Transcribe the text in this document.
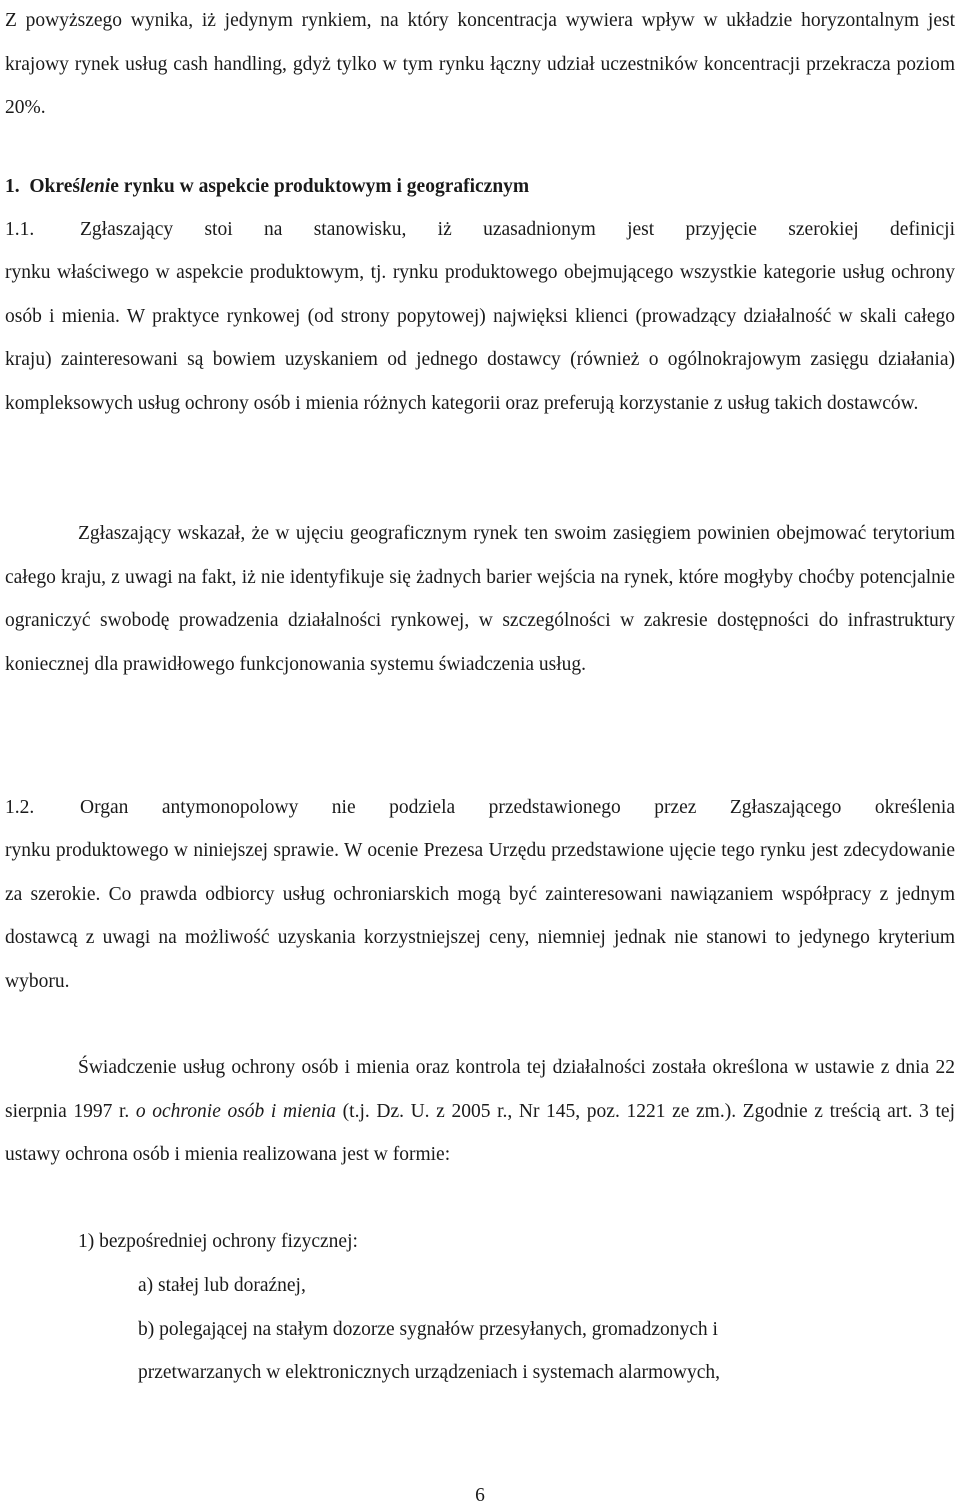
Z powyższego wynika, iż jedynym rynkiem, na który koncentracja wywiera wpływ w układzie horyzontalnym jest krajowy rynek usług cash handling, gdyż tylko w tym rynku łączny udział uczestników koncentracji przekracza poziom 20%.

1. Określenie rynku w aspekcie produktowym i geograficznym
1.1.	Zgłaszający stoi na stanowisku, iż uzasadnionym jest przyjęcie szerokiej definicji

rynku właściwego w aspekcie produktowym, tj. rynku produktowego obejmującego wszystkie kategorie usług ochrony osób i mienia. W praktyce rynkowej (od strony popytowej) najwięksi klienci (prowadzący działalność w skali całego kraju) zainteresowani są bowiem uzyskaniem od jednego dostawcy (również o ogólnokrajowym zasięgu działania) kompleksowych usług ochrony osób i mienia różnych kategorii oraz preferują korzystanie z usług takich dostawców.

Zgłaszający wskazał, że w ujęciu geograficznym rynek ten swoim zasięgiem powinien obejmować terytorium całego kraju, z uwagi na fakt, iż nie identyfikuje się żadnych barier wejścia na rynek, które mogłyby choćby potencjalnie ograniczyć swobodę prowadzenia działalności rynkowej, w szczególności w zakresie dostępności do infrastruktury koniecznej dla prawidłowego funkcjonowania systemu świadczenia usług.

1.2.	Organ antymonopolowy nie podziela przedstawionego przez Zgłaszającego określenia

rynku produktowego w niniejszej sprawie. W ocenie Prezesa Urzędu przedstawione ujęcie tego rynku jest zdecydowanie za szerokie. Co prawda odbiorcy usług ochroniarskich mogą być zainteresowani nawiązaniem współpracy z jednym dostawcą z uwagi na możliwość uzyskania korzystniejszej ceny, niemniej jednak nie stanowi to jedynego kryterium wyboru.

Świadczenie usług ochrony osób i mienia oraz kontrola tej działalności została określona w ustawie z dnia 22 sierpnia 1997 r. o ochronie osób i mienia (t.j. Dz. U. z 2005 r., Nr 145, poz. 1221 ze zm.). Zgodnie z treścią art. 3 tej ustawy ochrona osób i mienia realizowana jest w formie:

1) bezpośredniej ochrony fizycznej:
a) stałej lub doraźnej,
b) polegającej na stałym dozorze sygnałów przesyłanych, gromadzonych i
przetwarzanych w elektronicznych urządzeniach i systemach alarmowych,
6
